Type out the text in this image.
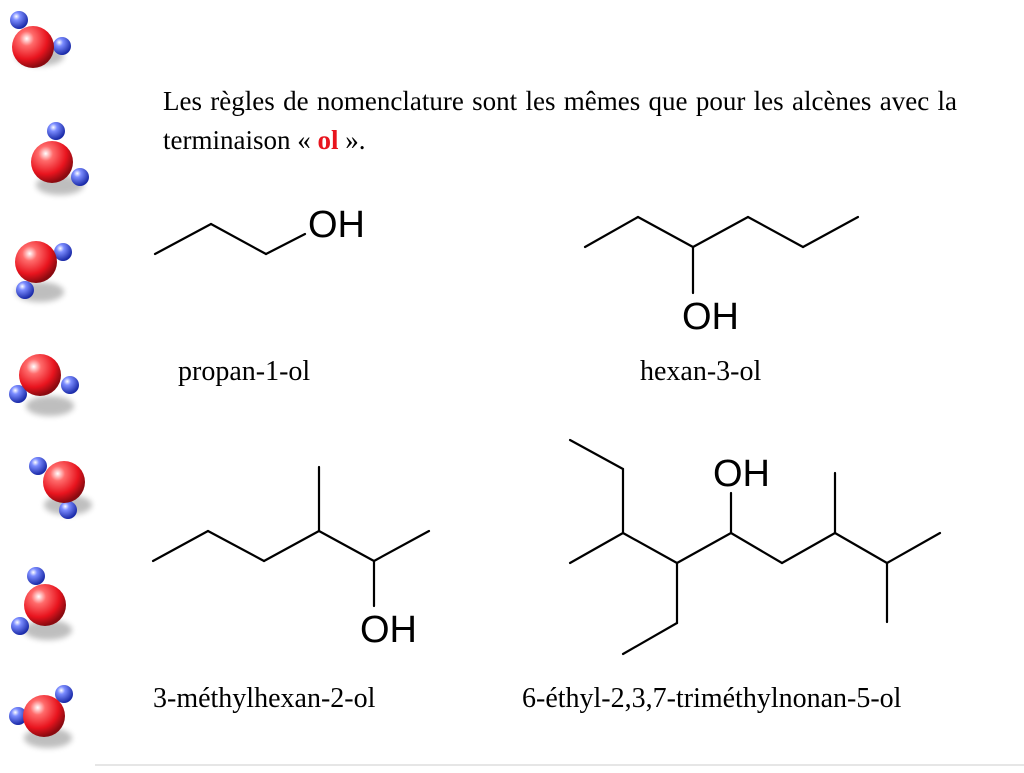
Les règles de nomenclature sont les mêmes que pour les alcènes avec la terminaison « ol ».

OH
OH
OH
OH
propan-1-ol	hexan-3-ol
3-méthylhexan-2-ol	6-éthyl-2,3,7-triméthylnonan-5-ol
